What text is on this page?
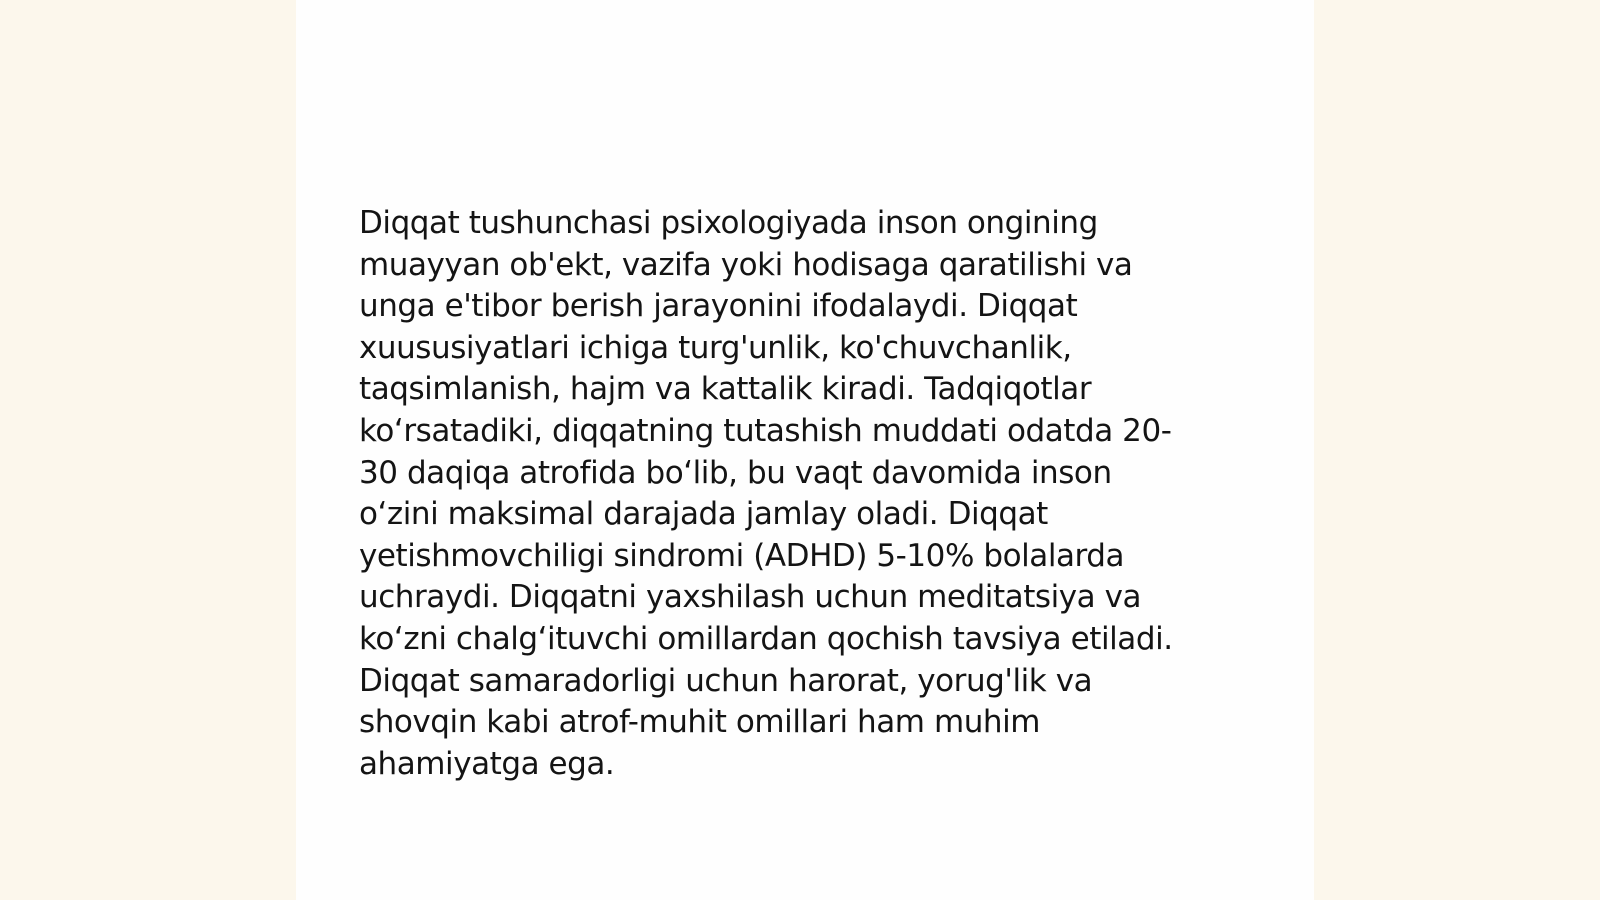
Diqqat tushunchasi psixologiyada inson ongining
muayyan ob'ekt, vazifa yoki hodisaga qaratilishi va
unga e'tibor berish jarayonini ifodalaydi. Diqqat
xuususiyatlari ichiga turg'unlik, ko'chuvchanlik,
taqsimlanish, hajm va kattalik kiradi. Tadqiqotlar
ko‘rsatadiki, diqqatning tutashish muddati odatda 20-
30 daqiqa atrofida bo‘lib, bu vaqt davomida inson
o‘zini maksimal darajada jamlay oladi. Diqqat
yetishmovchiligi sindromi (ADHD) 5-10% bolalarda
uchraydi. Diqqatni yaxshilash uchun meditatsiya va
ko‘zni chalg‘ituvchi omillardan qochish tavsiya etiladi.
Diqqat samaradorligi uchun harorat, yorug'lik va
shovqin kabi atrof-muhit omillari ham muhim
ahamiyatga ega.
